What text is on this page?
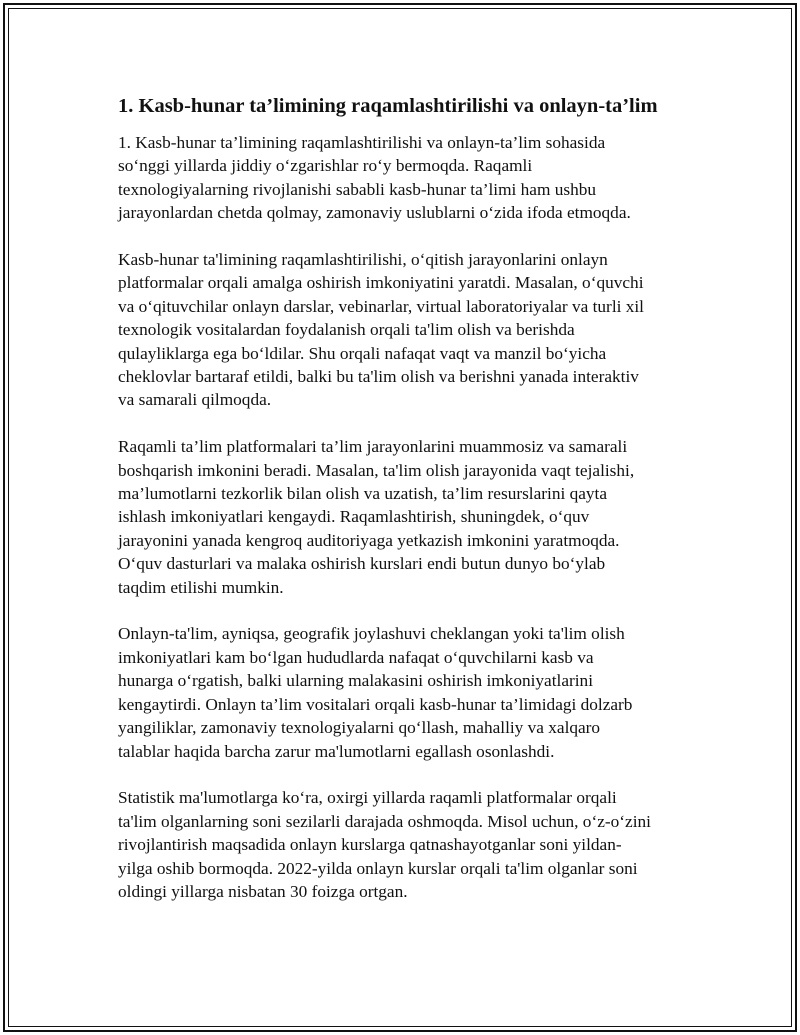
1. Kasb-hunar ta’limining raqamlashtirilishi va onlayn-ta’lim

1. Kasb-hunar ta’limining raqamlashtirilishi va onlayn-ta’lim sohasida
so‘nggi yillarda jiddiy o‘zgarishlar ro‘y bermoqda. Raqamli
texnologiyalarning rivojlanishi sababli kasb-hunar ta’limi ham ushbu
jarayonlardan chetda qolmay, zamonaviy uslublarni o‘zida ifoda etmoqda.

Kasb-hunar ta'limining raqamlashtirilishi, o‘qitish jarayonlarini onlayn
platformalar orqali amalga oshirish imkoniyatini yaratdi. Masalan, o‘quvchi
va o‘qituvchilar onlayn darslar, vebinarlar, virtual laboratoriyalar va turli xil
texnologik vositalardan foydalanish orqali ta'lim olish va berishda
qulayliklarga ega bo‘ldilar. Shu orqali nafaqat vaqt va manzil bo‘yicha
cheklovlar bartaraf etildi, balki bu ta'lim olish va berishni yanada interaktiv
va samarali qilmoqda.

Raqamli ta’lim platformalari ta’lim jarayonlarini muammosiz va samarali
boshqarish imkonini beradi. Masalan, ta'lim olish jarayonida vaqt tejalishi,
ma’lumotlarni tezkorlik bilan olish va uzatish, ta’lim resurslarini qayta
ishlash imkoniyatlari kengaydi. Raqamlashtirish, shuningdek, o‘quv
jarayonini yanada kengroq auditoriyaga yetkazish imkonini yaratmoqda.
O‘quv dasturlari va malaka oshirish kurslari endi butun dunyo bo‘ylab
taqdim etilishi mumkin.

Onlayn-ta'lim, ayniqsa, geografik joylashuvi cheklangan yoki ta'lim olish
imkoniyatlari kam bo‘lgan hududlarda nafaqat o‘quvchilarni kasb va
hunarga o‘rgatish, balki ularning malakasini oshirish imkoniyatlarini
kengaytirdi. Onlayn ta’lim vositalari orqali kasb-hunar ta’limidagi dolzarb
yangiliklar, zamonaviy texnologiyalarni qo‘llash, mahalliy va xalqaro
talablar haqida barcha zarur ma'lumotlarni egallash osonlashdi.

Statistik ma'lumotlarga ko‘ra, oxirgi yillarda raqamli platformalar orqali
ta'lim olganlarning soni sezilarli darajada oshmoqda. Misol uchun, o‘z-o‘zini
rivojlantirish maqsadida onlayn kurslarga qatnashayotganlar soni yildan-
yilga oshib bormoqda. 2022-yilda onlayn kurslar orqali ta'lim olganlar soni
oldingi yillarga nisbatan 30 foizga ortgan.
